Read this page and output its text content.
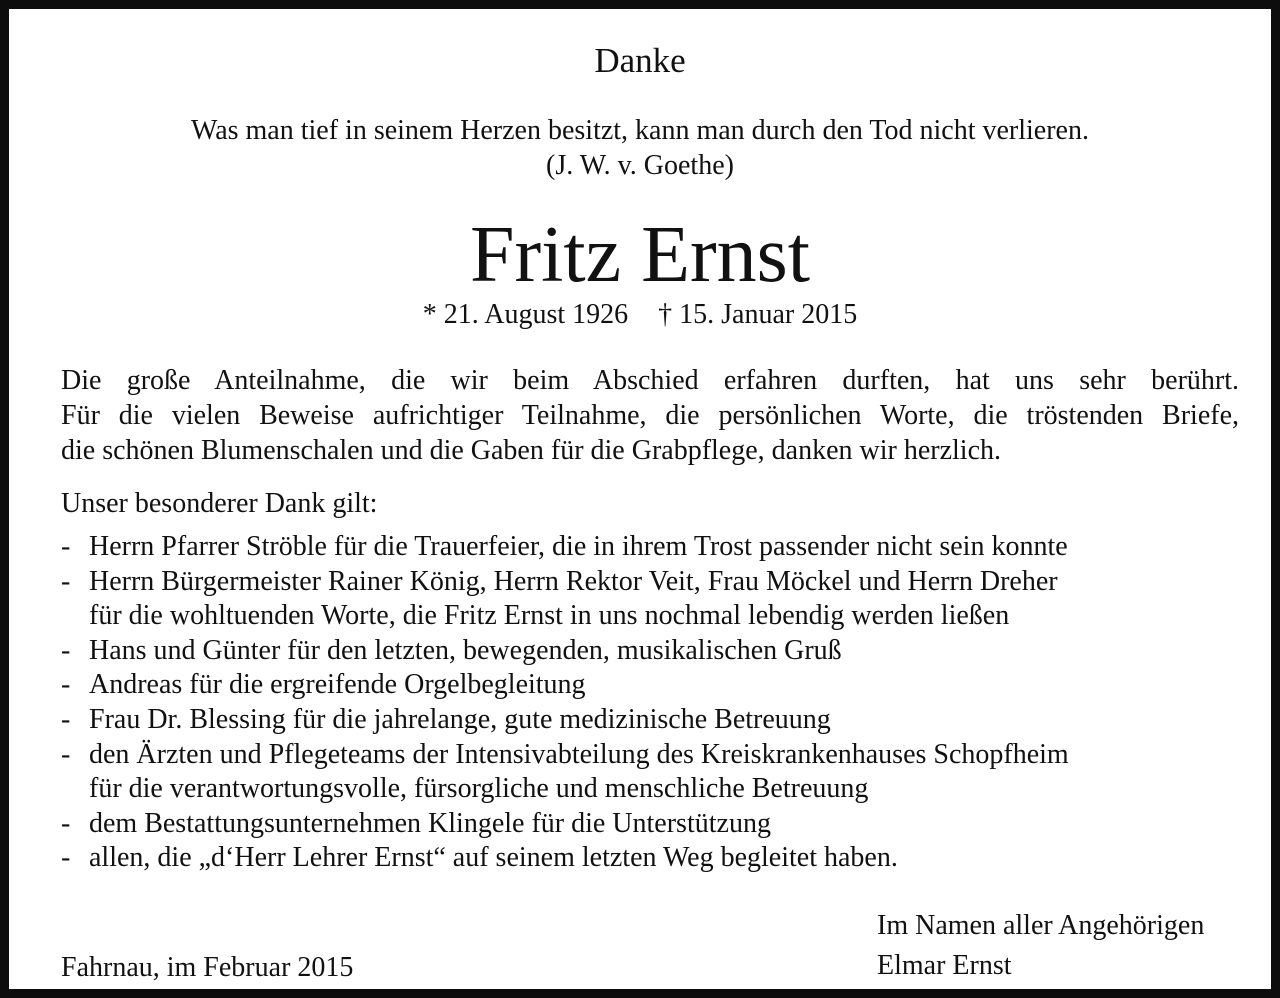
Danke
Was man tief in seinem Herzen besitzt, kann man durch den Tod nicht verlieren.
(J. W. v. Goethe)
Fritz Ernst
* 21. August 1926 † 15. Januar 2015
Die große Anteilnahme, die wir beim Abschied erfahren durften, hat uns sehr berührt.
Für die vielen Beweise aufrichtiger Teilnahme, die persönlichen Worte, die tröstenden Briefe,
die schönen Blumenschalen und die Gaben für die Grabpflege, danken wir herzlich.
Unser besonderer Dank gilt:
- Herrn Pfarrer Ströble für die Trauerfeier, die in ihrem Trost passender nicht sein konnte
- Herrn Bürgermeister Rainer König, Herrn Rektor Veit, Frau Möckel und Herrn Dreher
für die wohltuenden Worte, die Fritz Ernst in uns nochmal lebendig werden ließen
- Hans und Günter für den letzten, bewegenden, musikalischen Gruß
- Andreas für die ergreifende Orgelbegleitung
- Frau Dr. Blessing für die jahrelange, gute medizinische Betreuung
- den Ärzten und Pflegeteams der Intensivabteilung des Kreiskrankenhauses Schopfheim
für die verantwortungsvolle, fürsorgliche und menschliche Betreuung
- dem Bestattungsunternehmen Klingele für die Unterstützung
- allen, die „d‘Herr Lehrer Ernst“ auf seinem letzten Weg begleitet haben.
Im Namen aller Angehörigen
Elmar Ernst
Fahrnau, im Februar 2015
